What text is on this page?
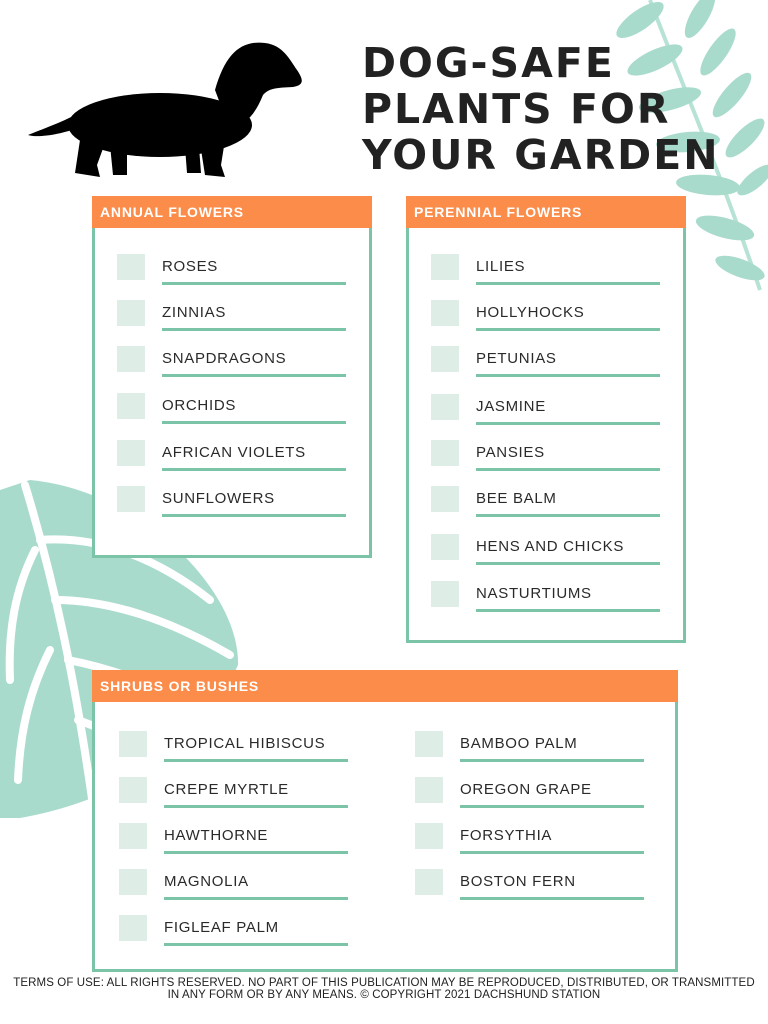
DOG-SAFE
PLANTS FOR
YOUR GARDEN
ANNUAL FLOWERS
ROSES
ZINNIAS
SNAPDRAGONS
ORCHIDS
AFRICAN VIOLETS
SUNFLOWERS
PERENNIAL FLOWERS
LILIES
HOLLYHOCKS
PETUNIAS
JASMINE
PANSIES
BEE BALM
HENS AND CHICKS
NASTURTIUMS
SHRUBS OR BUSHES
TROPICAL HIBISCUS
CREPE MYRTLE
HAWTHORNE
MAGNOLIA
FIGLEAF PALM
BAMBOO PALM
OREGON GRAPE
FORSYTHIA
BOSTON FERN
TERMS OF USE: ALL RIGHTS RESERVED. NO PART OF THIS PUBLICATION MAY BE REPRODUCED, DISTRIBUTED, OR TRANSMITTED IN ANY FORM OR BY ANY MEANS. © COPYRIGHT 2021 DACHSHUND STATION
